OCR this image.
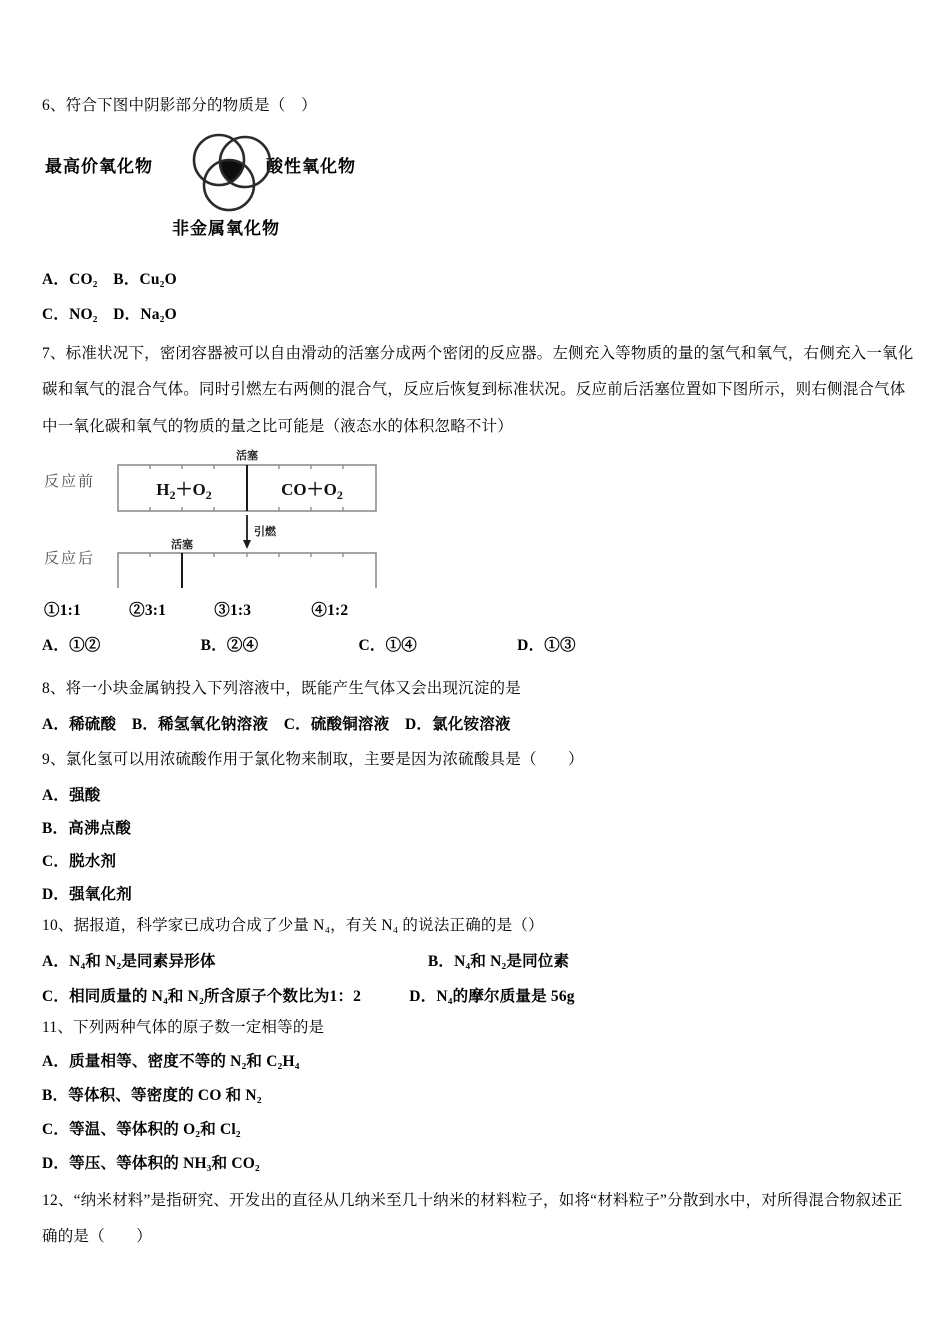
6、符合下图中阴影部分的物质是（　）
最高价氧化物	酸性氧化物
非金属氧化物
A．CO₂　B．Cu₂O
C．NO₂　D．Na₂O
7、标准状况下，密闭容器被可以自由滑动的活塞分成两个密闭的反应器。左侧充入等物质的量的氢气和氧气，右侧充入一氧化碳和氧气的混合气体。同时引燃左右两侧的混合气，反应后恢复到标准状况。反应前后活塞位置如下图所示，则右侧混合气体中一氧化碳和氧气的物质的量之比可能是（液态水的体积忽略不计）
反应前
反应后
活塞
$H_2+O_2$	$CO+O_2$
引燃
活塞
①1:1	②3:1	③1:3	④1:2
A．①②	B．②④	C．①④	D．①③
8、将一小块金属钠投入下列溶液中，既能产生气体又会出现沉淀的是
A．稀硫酸　B．稀氢氧化钠溶液　C．硫酸铜溶液　D．氯化铵溶液
9、氯化氢可以用浓硫酸作用于氯化物来制取，主要是因为浓硫酸具是（　　）
A．强酸
B．高沸点酸
C．脱水剂
D．强氧化剂
10、据报道，科学家已成功合成了少量 N₄，有关 N₄ 的说法正确的是（）
A．N₄和 N₂是同素异形体	B．N₄和 N₂是同位素
C．相同质量的 N₄和 N₂所含原子个数比为1：2	D．N₄的摩尔质量是 56g
11、下列两种气体的原子数一定相等的是
A．质量相等、密度不等的 N₂和 C₂H₄
B．等体积、等密度的 CO 和 N₂
C．等温、等体积的 O₂和 Cl₂
D．等压、等体积的 NH₃和 CO₂
12、“纳米材料”是指研究、开发出的直径从几纳米至几十纳米的材料粒子，如将“材料粒子”分散到水中，对所得混合物叙述正确的是（　　）
